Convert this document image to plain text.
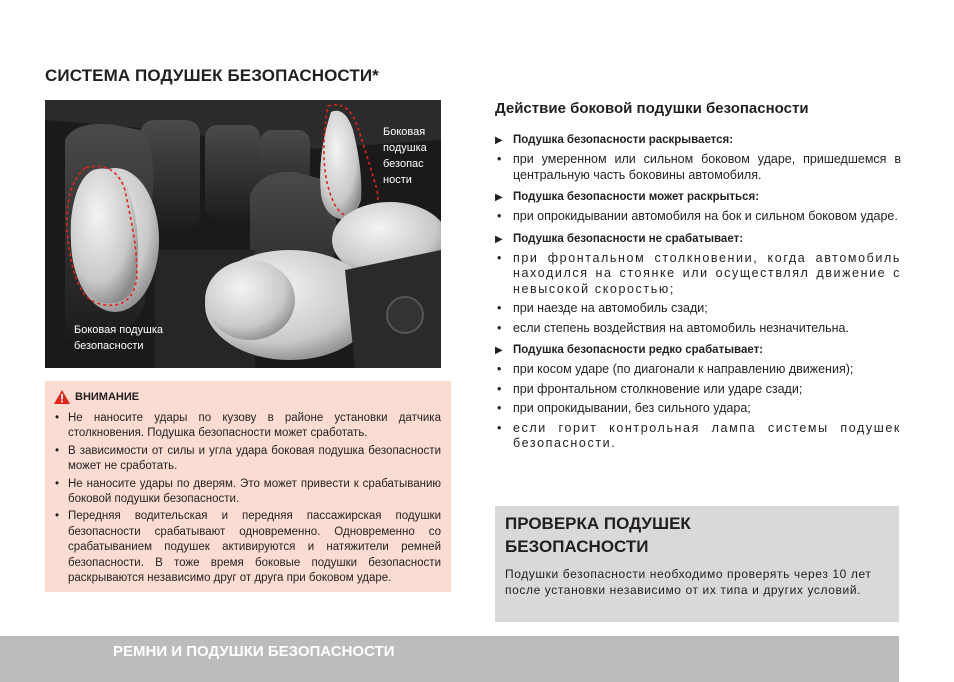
СИСТЕМА ПОДУШЕК БЕЗОПАСНОСТИ*
Боковая
подушка
безопас
ности
Боковая подушка
безопасности
ВНИМАНИЕ
• Не наносите удары по кузову в районе установки датчика столкновения. Подушка безопасности может сработать.
• В зависимости от силы и угла удара боковая подушка безопасности может не сработать.
• Не наносите удары по дверям. Это может привести к срабатыванию боковой подушки безопасности.
• Передняя водительская и передняя пассажирская подушки безопасности срабатывают одновременно. Одновременно со срабатыванием подушек активируются и натяжители ремней безопасности. В тоже время боковые подушки безопасности раскрываются независимо друг от друга при боковом ударе.
Действие боковой подушки безопасности
▶ Подушка безопасности раскрывается:
• при умеренном или сильном боковом ударе, пришедшемся в центральную часть боковины автомобиля.
▶ Подушка безопасности может раскрыться:
• при опрокидывании автомобиля на бок и сильном боковом ударе.
▶ Подушка безопасности не срабатывает:
• при фронтальном столкновении, когда автомобиль находился на стоянке или осуществлял движение с невысокой скоростью;
• при наезде на автомобиль сзади;
• если степень воздействия на автомобиль незначительна.
▶ Подушка безопасности редко срабатывает:
• при косом ударе (по диагонали к направлению движения);
• при фронтальном столкновение или ударе сзади;
• при опрокидывании, без сильного удара;
• если горит контрольная лампа системы подушек безопасности.
ПРОВЕРКА ПОДУШЕК БЕЗОПАСНОСТИ
Подушки безопасности необходимо проверять через 10 лет после установки независимо от их типа и других условий.
РЕМНИ И ПОДУШКИ БЕЗОПАСНОСТИ
